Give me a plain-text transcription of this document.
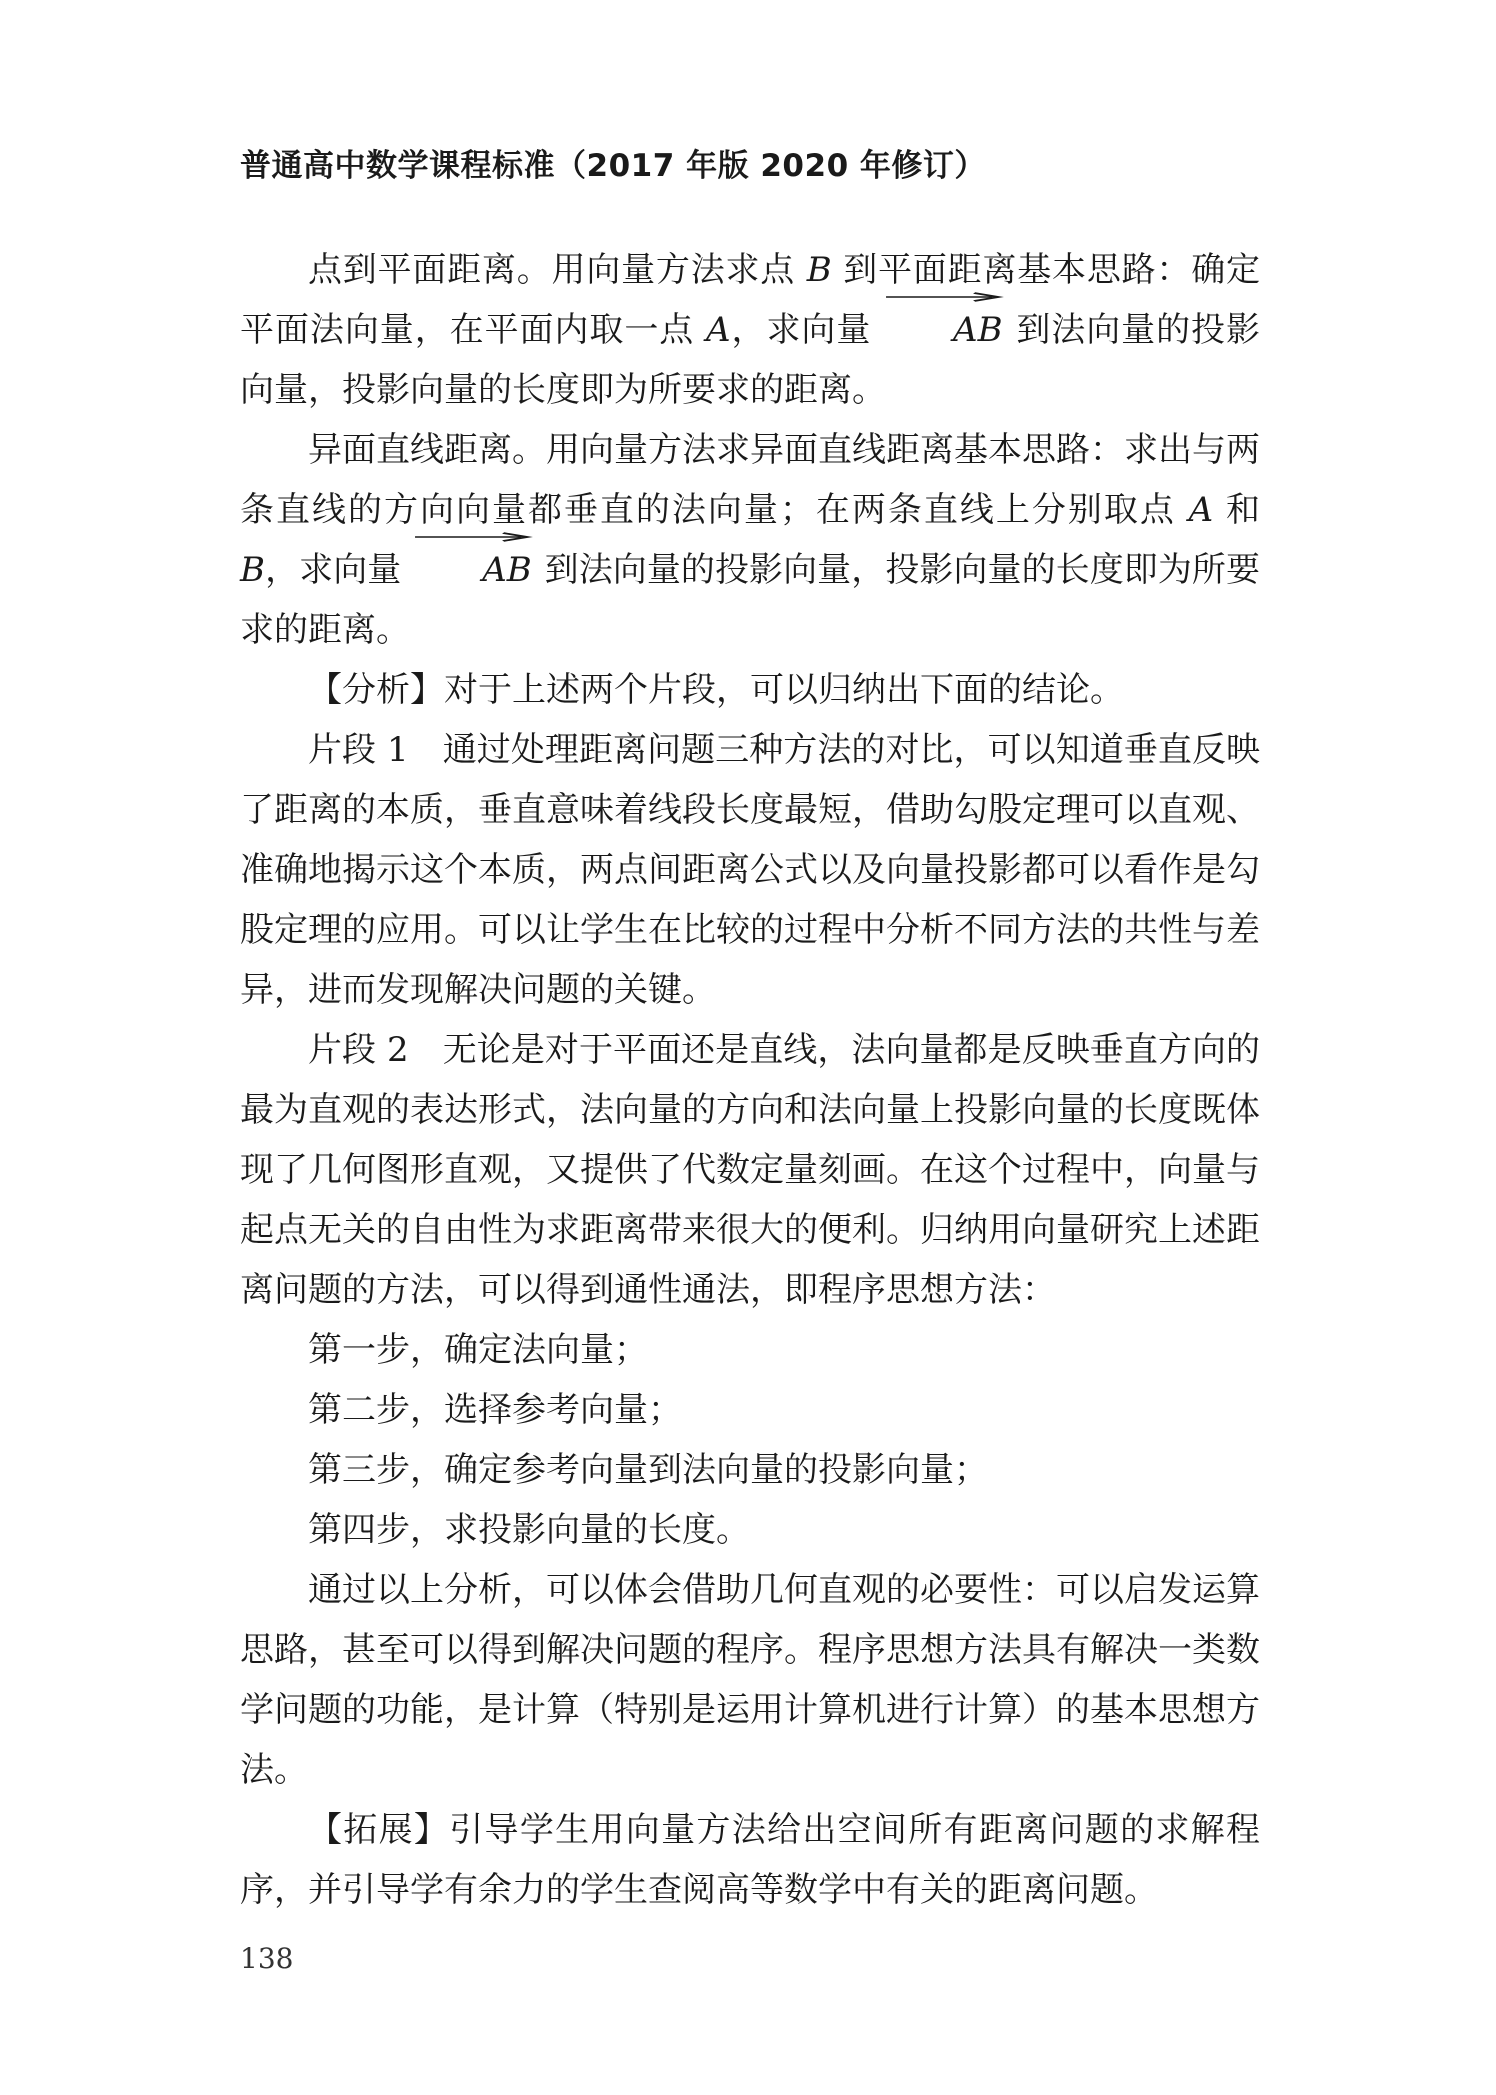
普通高中数学课程标准（2017 年版 2020 年修订）

点到平面距离。用向量方法求点 B 到平面距离基本思路：确定平面法向量，在平面内取一点 A，求向量
AB 到法向量的投影向量，投影向量的长度即为所要求的距离。

异面直线距离。用向量方法求异面直线距离基本思路：求出与两条直线的方向向量都垂直的法向量；在两条直线上分别取点 A 和 B，求向量
AB 到法向量的投影向量，投影向量的长度即为所要求的距离。

【分析】对于上述两个片段，可以归纳出下面的结论。

片段 1　 通过处理距离问题三种方法的对比，可以知道垂直反映了距离的本质，垂直意味着线段长度最短，借助勾股定理可以直观、准确地揭示这个本质，两点间距离公式以及向量投影都可以看作是勾股定理的应用。可以让学生在比较的过程中分析不同方法的共性与差异，进而发现解决问题的关键。

片段 2　 无论是对于平面还是直线，法向量都是反映垂直方向的最为直观的表达形式，法向量的方向和法向量上投影向量的长度既体现了几何图形直观，又提供了代数定量刻画。在这个过程中，向量与起点无关的自由性为求距离带来很大的便利。归纳用向量研究上述距离问题的方法，可以得到通性通法，即程序思想方法：

第一步，确定法向量；

第二步，选择参考向量；

第三步，确定参考向量到法向量的投影向量；

第四步，求投影向量的长度。

通过以上分析，可以体会借助几何直观的必要性：可以启发运算思路，甚至可以得到解决问题的程序。程序思想方法具有解决一类数学问题的功能，是计算（特别是运用计算机进行计算）的基本思想方法。

【拓展】引导学生用向量方法给出空间所有距离问题的求解程序，并引导学有余力的学生查阅高等数学中有关的距离问题。

138
